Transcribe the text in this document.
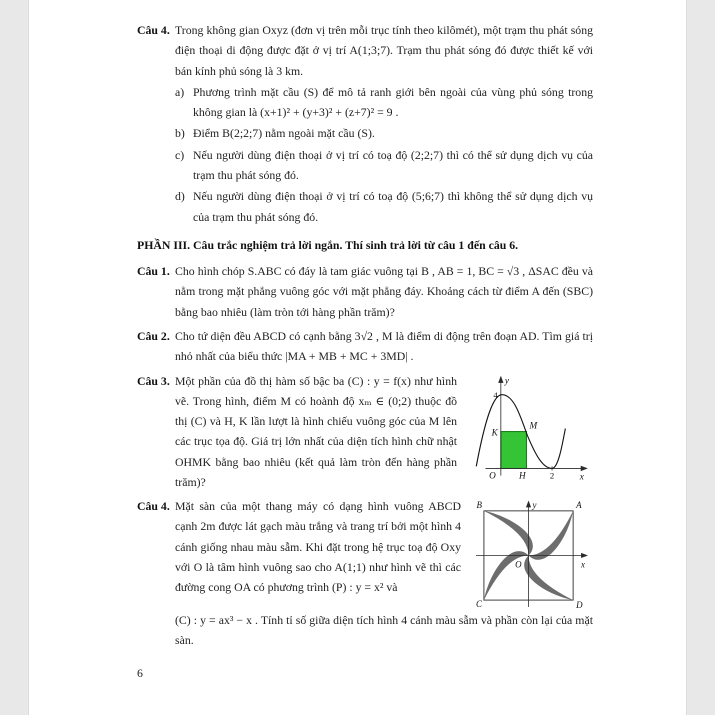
Câu 4. Trong không gian Oxyz (đơn vị trên mỗi trục tính theo kilômét), một trạm thu phát sóng điện thoại di động được đặt ở vị trí A(1;3;7). Trạm thu phát sóng đó được thiết kế với bán kính phủ sóng là 3 km.

a) Phương trình mặt cầu (S) để mô tả ranh giới bên ngoài của vùng phủ sóng trong không gian là (x+1)² + (y+3)² + (z+7)² = 9 .
b) Điểm B(2;2;7) nằm ngoài mặt cầu (S).
c) Nếu người dùng điện thoại ở vị trí có toạ độ (2;2;7) thì có thể sử dụng dịch vụ của trạm thu phát sóng đó.
d) Nếu người dùng điện thoại ở vị trí có toạ độ (5;6;7) thì không thể sử dụng dịch vụ của trạm thu phát sóng đó.
PHẦN III. Câu trắc nghiệm trả lời ngắn. Thí sinh trả lời từ câu 1 đến câu 6.
Câu 1. Cho hình chóp S.ABC có đáy là tam giác vuông tại B , AB = 1, BC = √3 , ΔSAC đều và nằm trong mặt phẳng vuông góc với mặt phẳng đáy. Khoảng cách từ điểm A đến (SBC) bằng bao nhiêu (làm tròn tới hàng phần trăm)?

Câu 2. Cho tứ diện đều ABCD có cạnh bằng 3√2 , M là điểm di động trên đoạn AD. Tìm giá trị nhỏ nhất của biểu thức |MA + MB + MC + 3MD| .

Câu 3. Một phần của đồ thị hàm số bậc ba (C) : y = f(x) như hình vẽ. Trong hình, điểm M có hoành độ xₘ ∈ (0;2) thuộc đồ thị (C) và H, K lần lượt là hình chiếu vuông góc của M lên các trục tọa độ. Giá trị lớn nhất của diện tích hình chữ nhật OHMK bằng bao nhiêu (kết quả làm tròn đến hàng phần trăm)?
y
x
4
K
M
O	H	2
Câu 4. Mặt sàn của một thang máy có dạng hình vuông ABCD cạnh 2m được lát gạch màu trắng và trang trí bởi một hình 4 cánh giống nhau màu sẫm. Khi đặt trong hệ trục toạ độ Oxy với O là tâm hình vuông sao cho A(1;1) như hình vẽ thì các đường cong OA có phương trình (P) : y = x² và
y
x
B	A
C	D
O

(C) : y = ax³ − x . Tính tỉ số giữa diện tích hình 4 cánh màu sẫm và phần còn lại của mặt sàn.

6
